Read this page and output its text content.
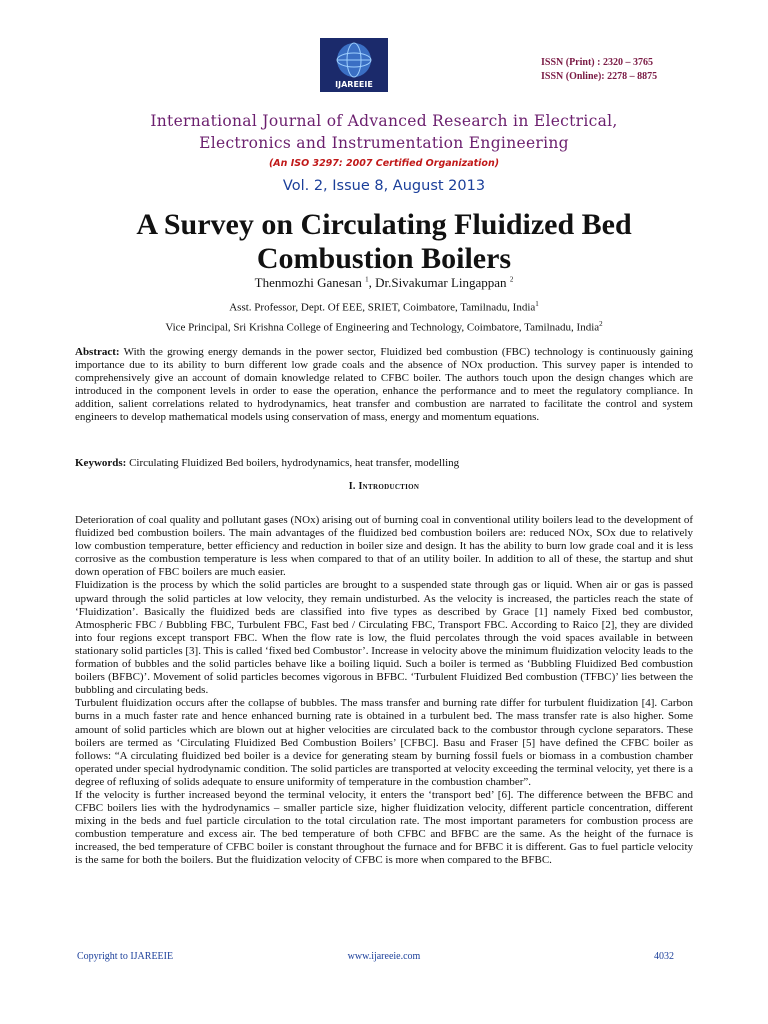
IJAREEIE
ISSN (Print) : 2320 – 3765
ISSN (Online): 2278 – 8875
International Journal of Advanced Research in Electrical,
Electronics and Instrumentation Engineering
(An ISO 3297: 2007 Certified Organization)
Vol. 2, Issue 8, August 2013
A Survey on Circulating Fluidized Bed Combustion Boilers
Thenmozhi Ganesan $^1$, Dr.Sivakumar Lingappan $^2$
Asst. Professor, Dept. Of EEE, SRIET, Coimbatore, Tamilnadu, India$^1$
Vice Principal, Sri Krishna College of Engineering and Technology, Coimbatore, Tamilnadu, India$^2$
Abstract: With the growing energy demands in the power sector, Fluidized bed combustion (FBC) technology is continuously gaining importance due to its ability to burn different low grade coals and the absence of NOx production. This survey paper is intended to comprehensively give an account of domain knowledge related to CFBC boiler. The authors touch upon the design changes which are introduced in the component levels in order to ease the operation, enhance the performance and to meet the regulatory compliance. In addition, salient correlations related to hydrodynamics, heat transfer and combustion are narrated to facilitate the control and system engineers to develop mathematical models using conservation of mass, energy and momentum equations.
Keywords: Circulating Fluidized Bed boilers, hydrodynamics, heat transfer, modelling
I. Introduction

Deterioration of coal quality and pollutant gases (NOx) arising out of burning coal in conventional utility boilers lead to the development of fluidized bed combustion boilers. The main advantages of the fluidized bed combustion boilers are: reduced NOx, SOx due to relatively low combustion temperature, better efficiency and reduction in boiler size and design. It has the ability to burn low grade coal and it is less corrosive as the combustion temperature is less when compared to that of an utility boiler. In addition to all of these, the startup and shut down operation of FBC boilers are much easier.

Fluidization is the process by which the solid particles are brought to a suspended state through gas or liquid. When air or gas is passed upward through the solid particles at low velocity, they remain undisturbed. As the velocity is increased, the particles reach the state of ‘Fluidization’. Basically the fluidized beds are classified into five types as described by Grace [1] namely Fixed bed combustor, Atmospheric FBC / Bubbling FBC, Turbulent FBC, Fast bed / Circulating FBC, Transport FBC. According to Raico [2], they are divided into four regions except transport FBC. When the flow rate is low, the fluid percolates through the void spaces available in between stationary solid particles [3]. This is called ‘fixed bed Combustor’. Increase in velocity above the minimum fluidization velocity leads to the formation of bubbles and the solid particles behave like a boiling liquid. Such a boiler is termed as ‘Bubbling Fluidized Bed combustion boilers (BFBC)’. Movement of solid particles becomes vigorous in BFBC. ‘Turbulent Fluidized Bed combustion (TFBC)’ lies between the bubbling and circulating beds.

Turbulent fluidization occurs after the collapse of bubbles. The mass transfer and burning rate differ for turbulent fluidization [4]. Carbon burns in a much faster rate and hence enhanced burning rate is obtained in a turbulent bed. The mass transfer rate is also higher. Some amount of solid particles which are blown out at higher velocities are circulated back to the combustor through cyclone separators. These boilers are termed as ‘Circulating Fluidized Bed Combustion Boilers’ [CFBC]. Basu and Fraser [5] have defined the CFBC boiler as follows: “A circulating fluidized bed boiler is a device for generating steam by burning fossil fuels or biomass in a combustion chamber operated under special hydrodynamic condition. The solid particles are transported at velocity exceeding the terminal velocity, yet there is a degree of refluxing of solids adequate to ensure uniformity of temperature in the combustion chamber”.

If the velocity is further increased beyond the terminal velocity, it enters the ‘transport bed’ [6]. The difference between the BFBC and CFBC boilers lies with the hydrodynamics – smaller particle size, higher fluidization velocity, different particle concentration, different mixing in the beds and fuel particle circulation to the total circulation rate. The most important parameters for combustion process are combustion temperature and excess air. The bed temperature of both CFBC and BFBC are the same. As the height of the furnace is increased, the bed temperature of CFBC boiler is constant throughout the furnace and for BFBC it is different. Gas to fuel particle velocity is the same for both the boilers. But the fluidization velocity of CFBC is more when compared to the BFBC.

Copyright to IJAREEIE	www.ijareeie.com	4032
